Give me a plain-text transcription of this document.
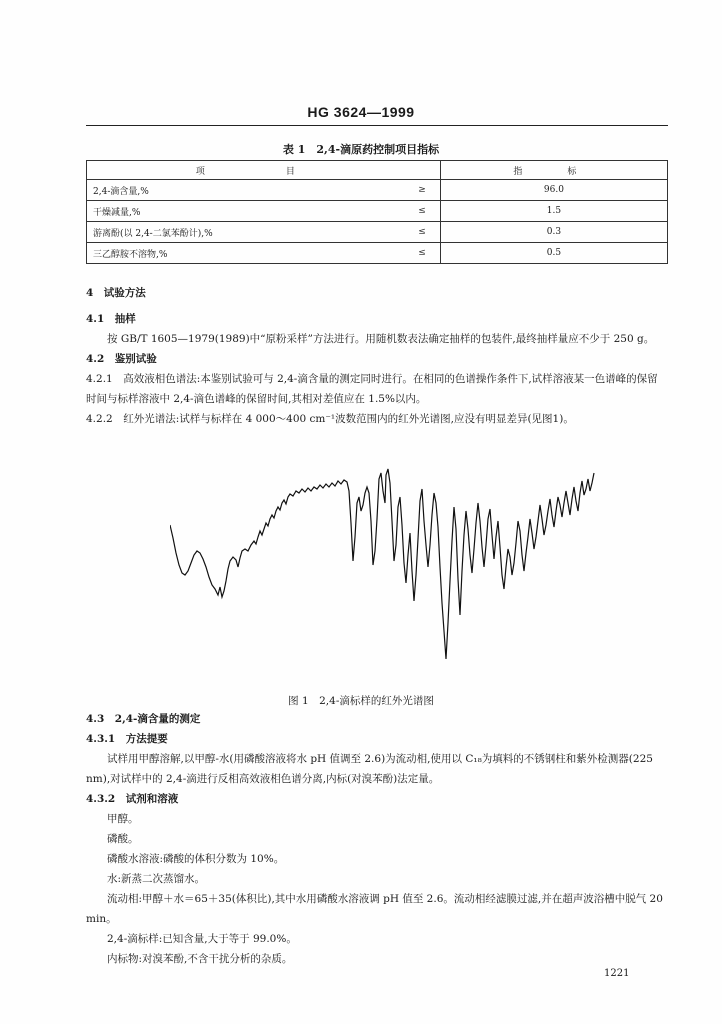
HG 3624—1999
表 1　2,4-滴原药控制项目指标
项　目		指　标
2,4-滴含量,%	≥	96.0
干燥减量,%	≤	1.5
游离酚(以 2,4-二氯苯酚计),%	≤	0.3
三乙醇胺不溶物,%	≤	0.5
4　试验方法
4.1　抽样
按 GB/T 1605—1979(1989)中“原粉采样”方法进行。用随机数表法确定抽样的包装件,最终抽样量应不少于 250 g。
4.2　鉴别试验
4.2.1　高效液相色谱法:本鉴别试验可与 2,4-滴含量的测定同时进行。在相同的色谱操作条件下,试样溶液某一色谱峰的保留时间与标样溶液中 2,4-滴色谱峰的保留时间,其相对差值应在 1.5%以内。
4.2.2　红外光谱法:试样与标样在 4 000～400 cm⁻¹波数范围内的红外光谱图,应没有明显差异(见图1)。
图 1　2,4-滴标样的红外光谱图
4.3　2,4-滴含量的测定
4.3.1　方法提要
试样用甲醇溶解,以甲醇-水(用磷酸溶液将水 pH 值调至 2.6)为流动相,使用以 C₁₈为填料的不锈钢柱和紫外检测器(225 nm),对试样中的 2,4-滴进行反相高效液相色谱分离,内标(对溴苯酚)法定量。
4.3.2　试剂和溶液
甲醇。
磷酸。
磷酸水溶液:磷酸的体积分数为 10%。
水:新蒸二次蒸馏水。
流动相:甲醇＋水＝65＋35(体积比),其中水用磷酸水溶液调 pH 值至 2.6。流动相经滤膜过滤,并在超声波浴槽中脱气 20 min。
2,4-滴标样:已知含量,大于等于 99.0%。
内标物:对溴苯酚,不含干扰分析的杂质。
1221
